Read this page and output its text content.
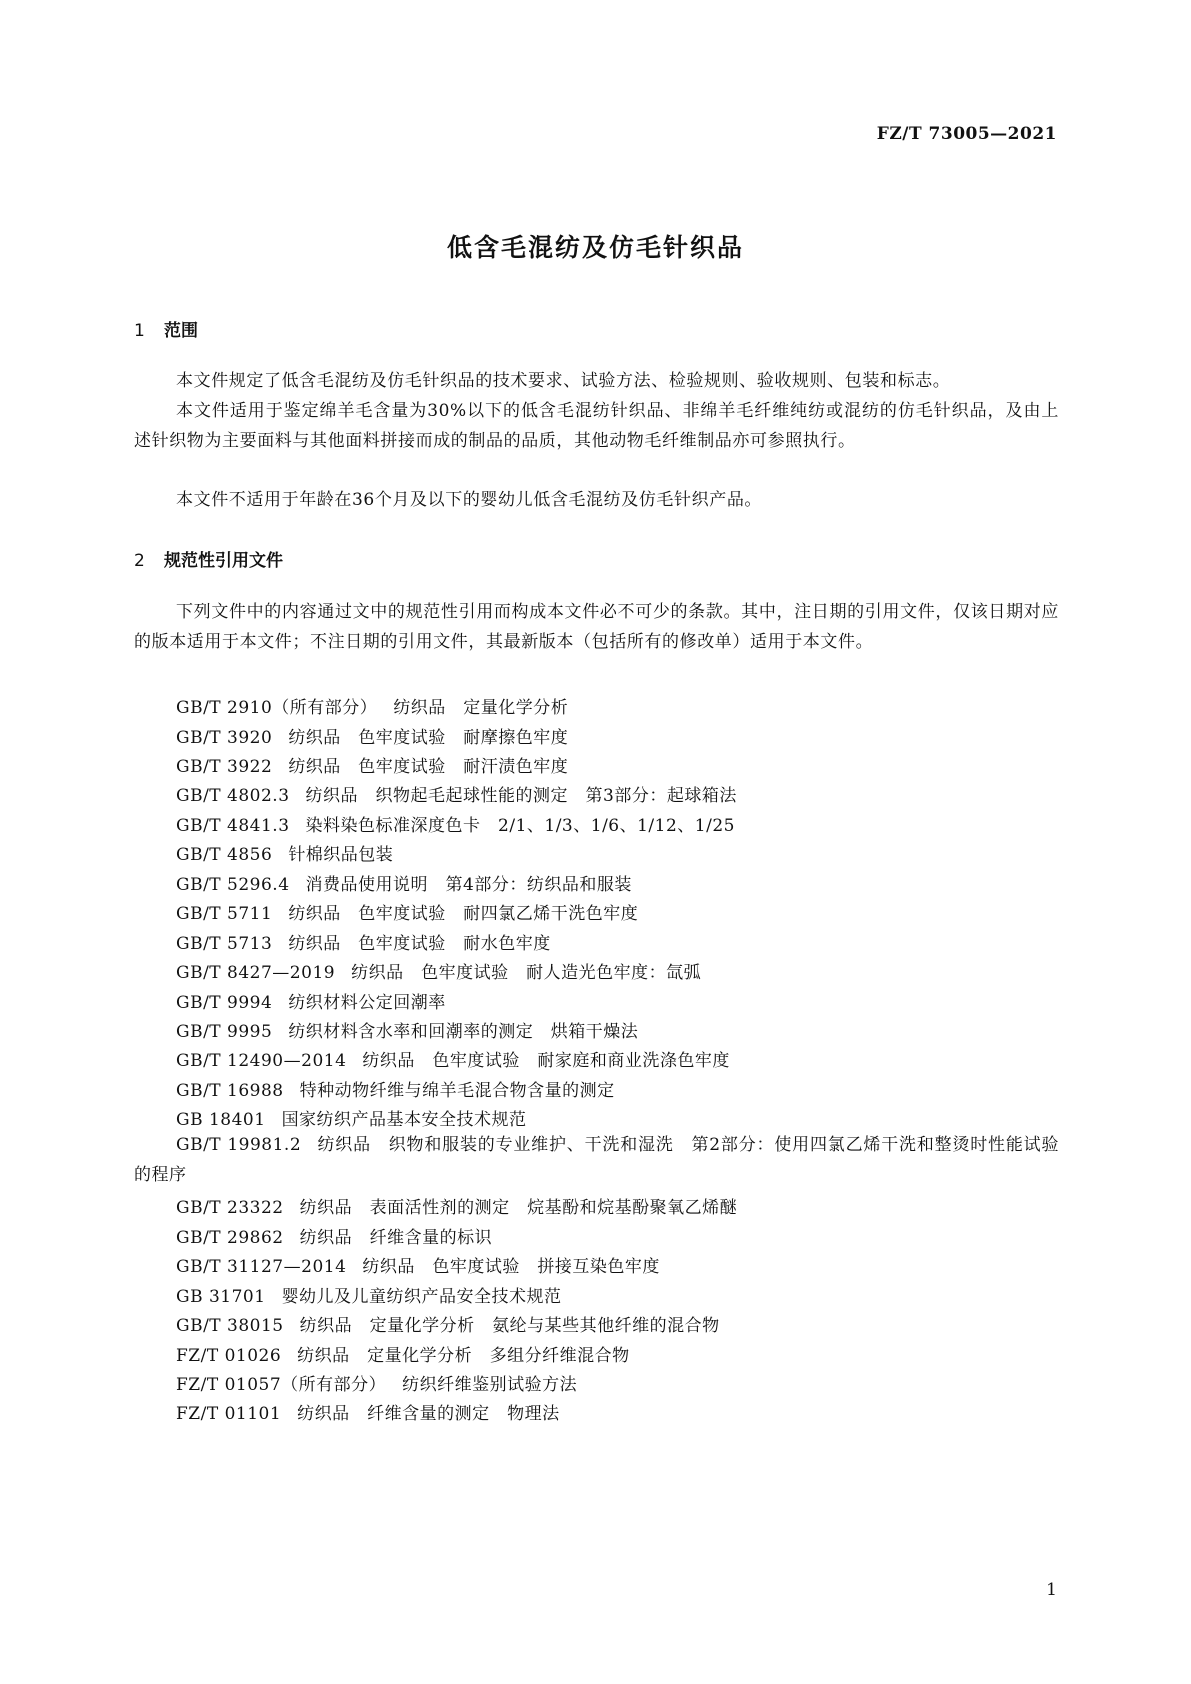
FZ/T 73005—2021
低含毛混纺及仿毛针织品
1 范围

本文件规定了低含毛混纺及仿毛针织品的技术要求、试验方法、检验规则、验收规则、包装和标志。

本文件适用于鉴定绵羊毛含量为30%以下的低含毛混纺针织品、非绵羊毛纤维纯纺或混纺的仿毛针织品，及由上述针织物为主要面料与其他面料拼接而成的制品的品质，其他动物毛纤维制品亦可参照执行。

本文件不适用于年龄在36个月及以下的婴幼儿低含毛混纺及仿毛针织产品。

2 规范性引用文件

下列文件中的内容通过文中的规范性引用而构成本文件必不可少的条款。其中，注日期的引用文件，仅该日期对应的版本适用于本文件；不注日期的引用文件，其最新版本（包括所有的修改单）适用于本文件。

GB/T 2910（所有部分） 纺织品　定量化学分析
GB/T 3920 纺织品　色牢度试验　耐摩擦色牢度
GB/T 3922 纺织品　色牢度试验　耐汗渍色牢度
GB/T 4802.3 纺织品　织物起毛起球性能的测定　第3部分：起球箱法
GB/T 4841.3 染料染色标准深度色卡　2/1、1/3、1/6、1/12、1/25
GB/T 4856 针棉织品包装
GB/T 5296.4 消费品使用说明　第4部分：纺织品和服装
GB/T 5711 纺织品　色牢度试验　耐四氯乙烯干洗色牢度
GB/T 5713 纺织品　色牢度试验　耐水色牢度
GB/T 8427—2019 纺织品　色牢度试验　耐人造光色牢度：氙弧
GB/T 9994 纺织材料公定回潮率
GB/T 9995 纺织材料含水率和回潮率的测定　烘箱干燥法
GB/T 12490—2014 纺织品　色牢度试验　耐家庭和商业洗涤色牢度
GB/T 16988 特种动物纤维与绵羊毛混合物含量的测定
GB 18401 国家纺织产品基本安全技术规范

GB/T 19981.2 纺织品　织物和服装的专业维护、干洗和湿洗　第2部分：使用四氯乙烯干洗和整烫时性能试验的程序

GB/T 23322 纺织品　表面活性剂的测定　烷基酚和烷基酚聚氧乙烯醚
GB/T 29862 纺织品　纤维含量的标识
GB/T 31127—2014 纺织品　色牢度试验　拼接互染色牢度
GB 31701 婴幼儿及儿童纺织产品安全技术规范
GB/T 38015 纺织品　定量化学分析　氨纶与某些其他纤维的混合物
FZ/T 01026 纺织品　定量化学分析　多组分纤维混合物
FZ/T 01057（所有部分） 纺织纤维鉴别试验方法
FZ/T 01101 纺织品　纤维含量的测定　物理法
1
